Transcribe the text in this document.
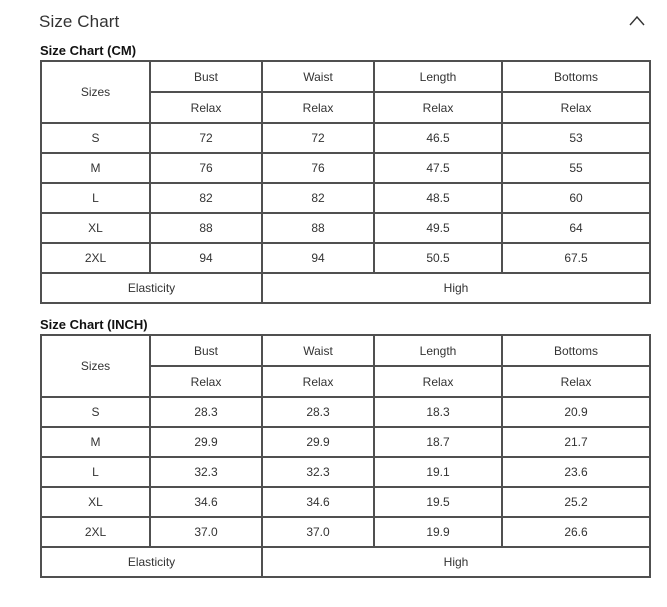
Size Chart
Size Chart (CM)
Sizes	Bust	Waist	Length	Bottoms
	Relax	Relax	Relax	Relax
S	72	72	46.5	53
M	76	76	47.5	55
L	82	82	48.5	60
XL	88	88	49.5	64
2XL	94	94	50.5	67.5
Elasticity		High		
Size Chart (INCH)
Sizes	Bust	Waist	Length	Bottoms
	Relax	Relax	Relax	Relax
S	28.3	28.3	18.3	20.9
M	29.9	29.9	18.7	21.7
L	32.3	32.3	19.1	23.6
XL	34.6	34.6	19.5	25.2
2XL	37.0	37.0	19.9	26.6
Elasticity		High		
